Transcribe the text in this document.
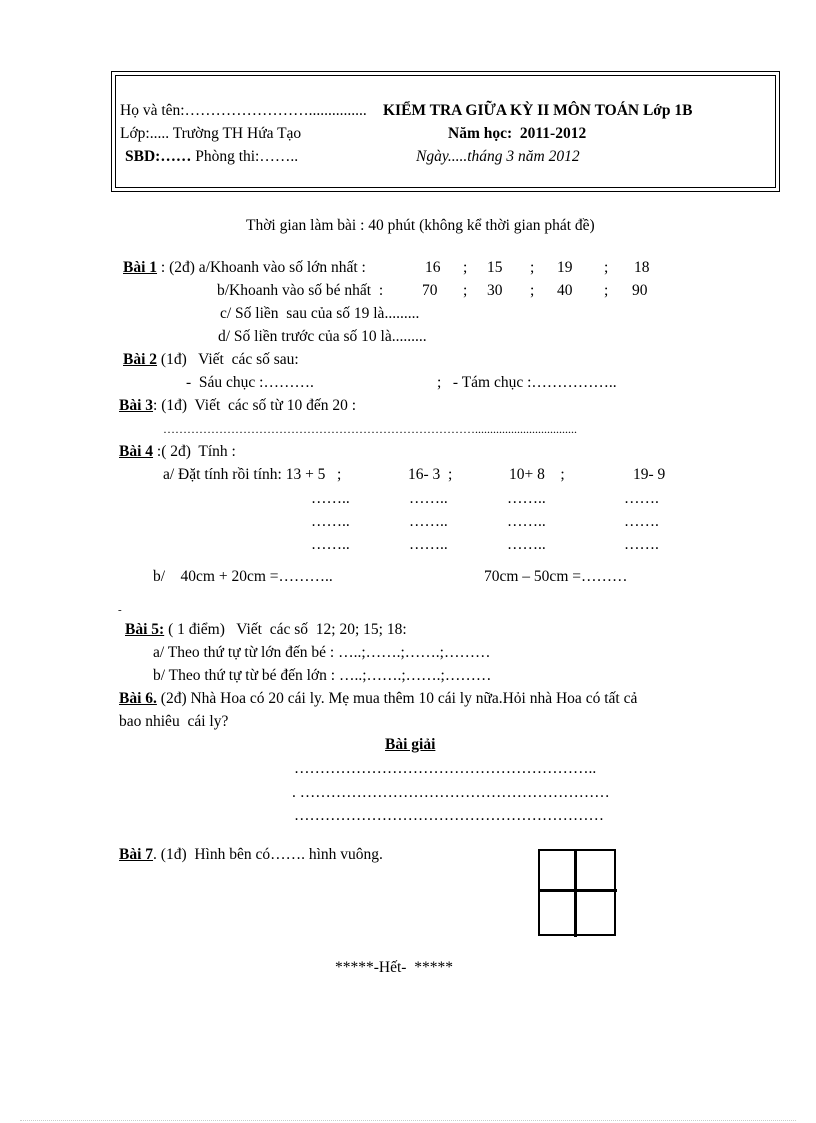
Họ và tên:……………………............... KIỂM TRA GIỮA KỲ II MÔN TOÁN Lớp 1B
Lớp:..... Trường TH Hứa Tạo	Năm học:  2011-2012
SBD:…… Phòng thi:……..	Ngày.....tháng 3 năm 2012
Thời gian làm bài : 40 phút (không kể thời gian phát đề)
Bài 1 : (2đ) a/Khoanh vào số lớn nhất :	16 ; 15 ; 19 ; 18
b/Khoanh vào số bé nhất  : 70 ; 30 ; 40 ; 90
c/ Số liền  sau của số 19 là.........
d/ Số liền trước của số 10 là.........
Bài 2 (1đ)   Viết  các số sau:
-  Sáu chục :……….	;   - Tám chục :……………..
Bài 3: (1đ)  Viết  các số từ 10 đến 20 :
……………………………………………………………………..................................
Bài 4 :( 2đ)  Tính :
a/ Đặt tính rồi tính: 13 + 5   ;	16- 3  ;	10+ 8    ;	19- 9
……..	……..	……..	…….
……..	……..	……..	…….
……..	……..	……..	…….
b/    40cm + 20cm =………..	70cm – 50cm =………
-
Bài 5: ( 1 điểm)   Viết  các số  12; 20; 15; 18:
a/ Theo thứ tự từ lớn đến bé : …..;…….;…….;………
b/ Theo thứ tự từ bé đến lớn : …..;…….;…….;………
Bài 6. (2đ) Nhà Hoa có 20 cái ly. Mẹ mua thêm 10 cái ly nữa.Hỏi nhà Hoa có tất cả
bao nhiêu  cái ly?
Bài giải
…………………………………………………..
. ……………………………………………………
……………………………………………………
Bài 7. (1đ)  Hình bên có……. hình vuông.
*****-Hết-  *****
